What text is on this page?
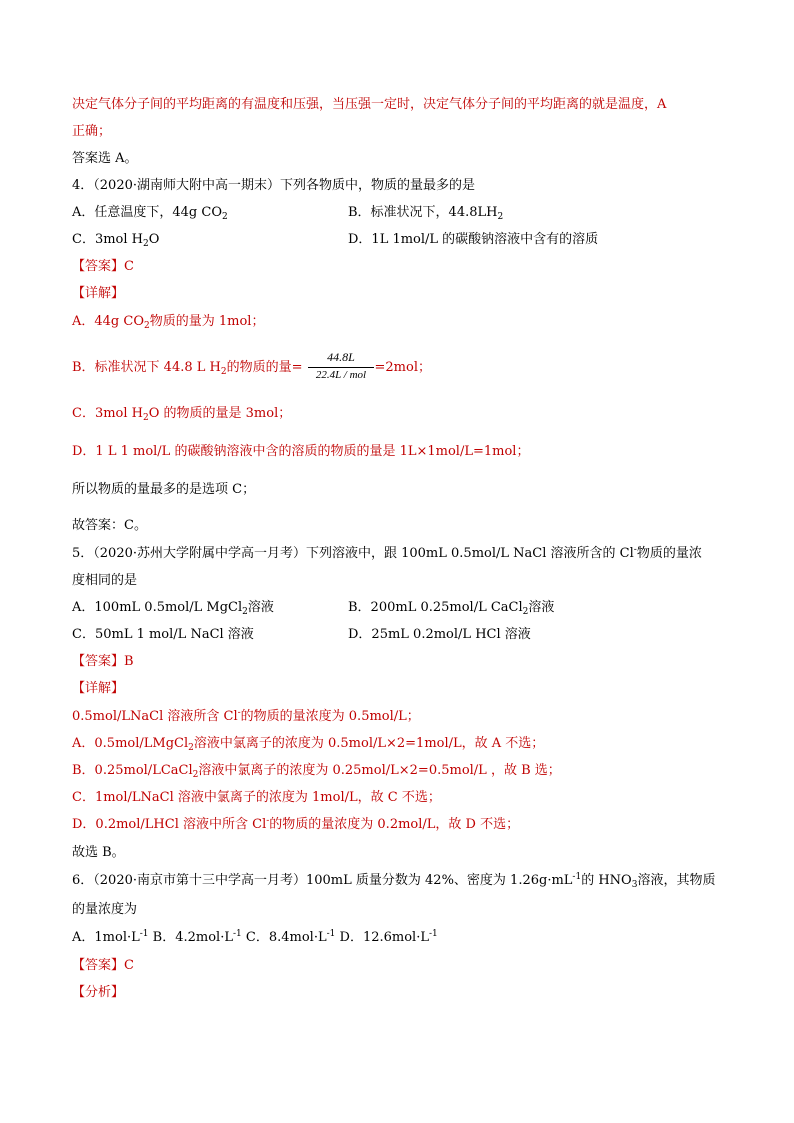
决定气体分子间的平均距离的有温度和压强，当压强一定时，决定气体分子间的平均距离的就是温度，A
正确；
答案选 A。
4．（2020·湖南师大附中高一期末）下列各物质中，物质的量最多的是
A．任意温度下，44g $CO_2$	B．标准状况下，$44.8LH_2$
C．3mol $H_2O$	D．1L 1mol/L 的碳酸钠溶液中含有的溶质
【答案】C
【详解】
A．44g $CO_2$物质的量为 1mol；
B．标准状况下 44.8 L $H_2$的物质的量=	=2mol；
44.8L
22.4L / mol
C．3mol $H_2O$ 的物质的量是 3mol；
D．1 L 1 mol/L 的碳酸钠溶液中含的溶质的物质的量是 1L×1mol/L=1mol；
所以物质的量最多的是选项 C；
故答案：C。
5．（2020·苏州大学附属中学高一月考）下列溶液中，跟 100mL 0.5mol/L NaCl 溶液所含的 Cl-物质的量浓
度相同的是
A．100mL 0.5mol/L MgCl$_2$溶液	B．200mL 0.25mol/L CaCl$_2$溶液
C．50mL 1 mol/L NaCl 溶液	D．25mL 0.2mol/L HCl 溶液
【答案】B
【详解】
0.5mol/LNaCl 溶液所含 Cl-的物质的量浓度为 0.5mol/L；
A．0.5mol/LMgCl$_2$溶液中氯离子的浓度为 0.5mol/L×2=1mol/L，故 A 不选；
B．0.25mol/LCaCl$_2$溶液中氯离子的浓度为 0.25mol/L×2=0.5mol/L ，故 B 选；
C．1mol/LNaCl 溶液中氯离子的浓度为 1mol/L，故 C 不选；
D．0.2mol/LHCl 溶液中所含 Cl-的物质的量浓度为 0.2mol/L，故 D 不选；
故选 B。
6．（2020·南京市第十三中学高一月考）100mL 质量分数为 42%、密度为 $1.26g\cdot mL^{-1}$的 $HNO_3$溶液，其物质
的量浓度为
A．$1mol\cdot L^{-1}$ B．$4.2mol\cdot L^{-1}$ C．$8.4mol\cdot L^{-1}$ D．$12.6mol\cdot L^{-1}$
【答案】C
【分析】
